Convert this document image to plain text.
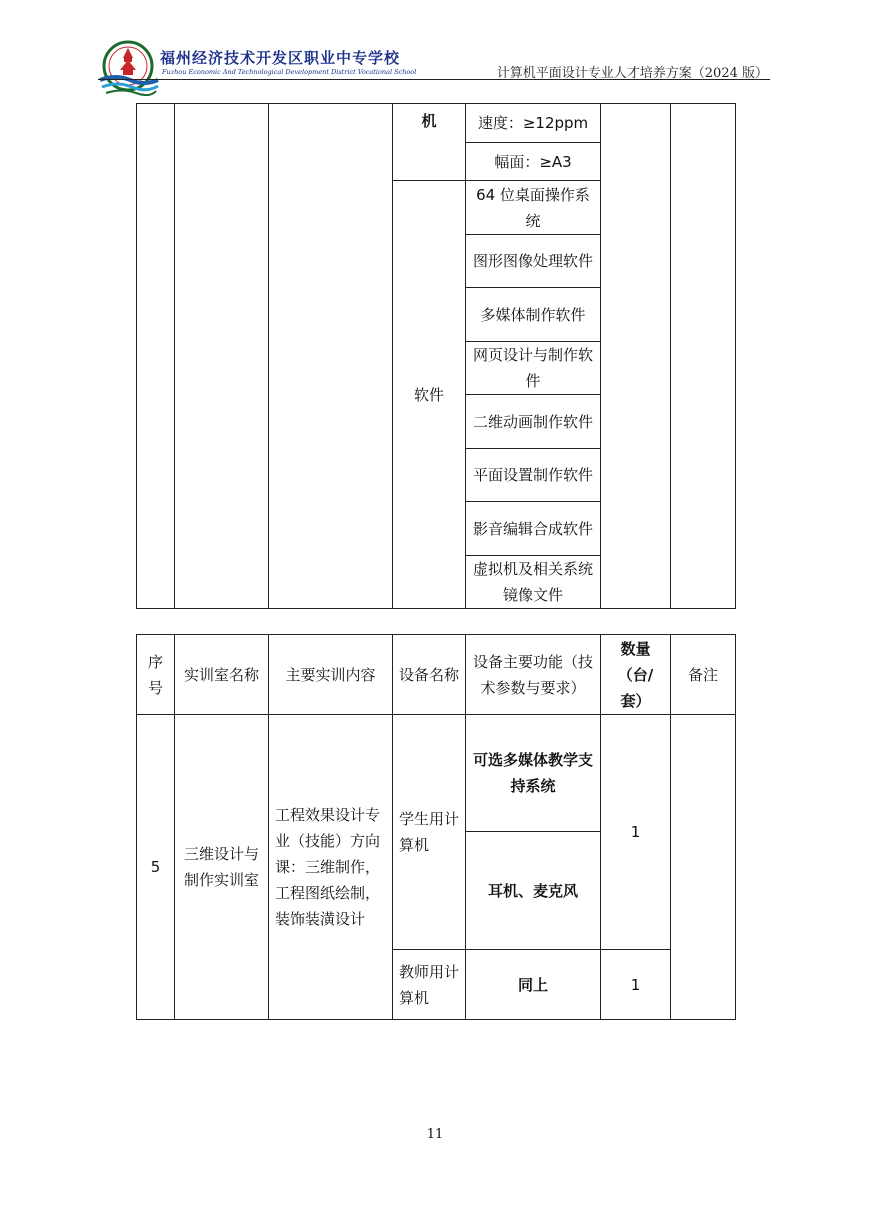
福州经济技术开发区职业中专学校
Fuzhou Economic And Technological Development District Vocational School	计算机平面设计专业人才培养方案（2024 版）
			机	速度：≥12ppm		
				幅面：≥A3		
			软件	64 位桌面操作系统		
				图形图像处理软件		
				多媒体制作软件		
				网页设计与制作软件		
				二维动画制作软件		
				平面设置制作软件		
				影音编辑合成软件		
				虚拟机及相关系统镜像文件		
序号	实训室名称	主要实训内容	设备名称	设备主要功能（技术参数与要求）	数量（台/套）	备注
5	三维设计与制作实训室	工程效果设计专业（技能）方向课：三维制作，工程图纸绘制，装饰装潢设计	学生用计算机	可选多媒体教学支持系统	1	
				耳机、麦克风		
			教师用计算机	同上	1	
11
